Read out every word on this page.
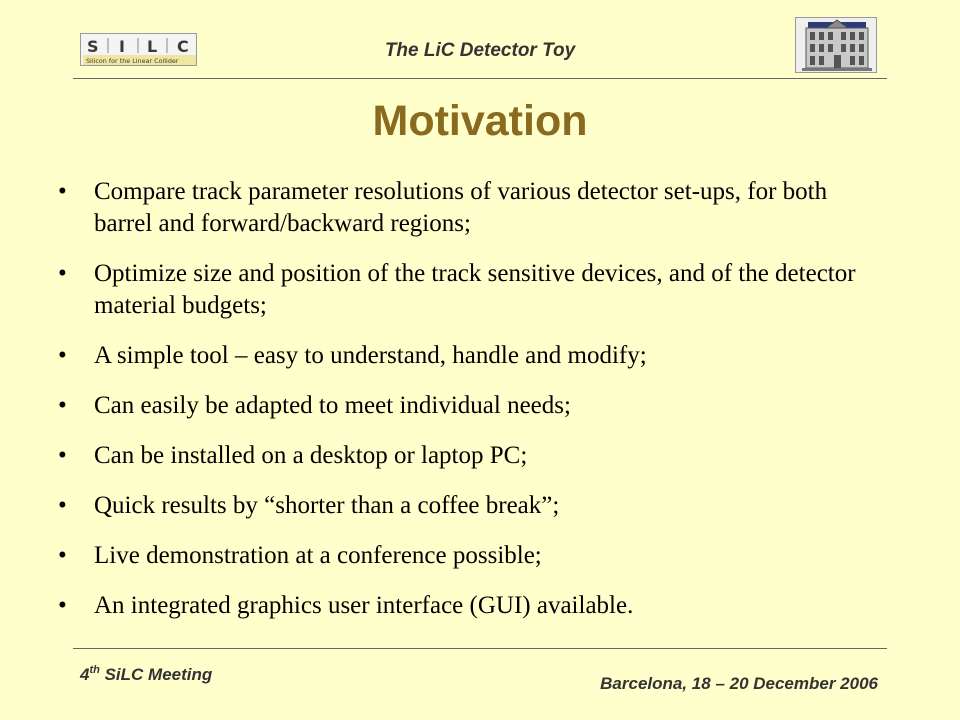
S I L C
Silicon for the Linear Collider	The LiC Detector Toy
Motivation
• Compare track parameter resolutions of various detector set-ups, for both barrel and forward/backward regions;
• Optimize size and position of the track sensitive devices, and of the detector material budgets;
• A simple tool – easy to understand, handle and modify;
• Can easily be adapted to meet individual needs;
• Can be installed on a desktop or laptop PC;
• Quick results by “shorter than a coffee break”;
• Live demonstration at a conference possible;
• An integrated graphics user interface (GUI) available.
4th SiLC Meeting	Barcelona, 18 – 20 December 2006
